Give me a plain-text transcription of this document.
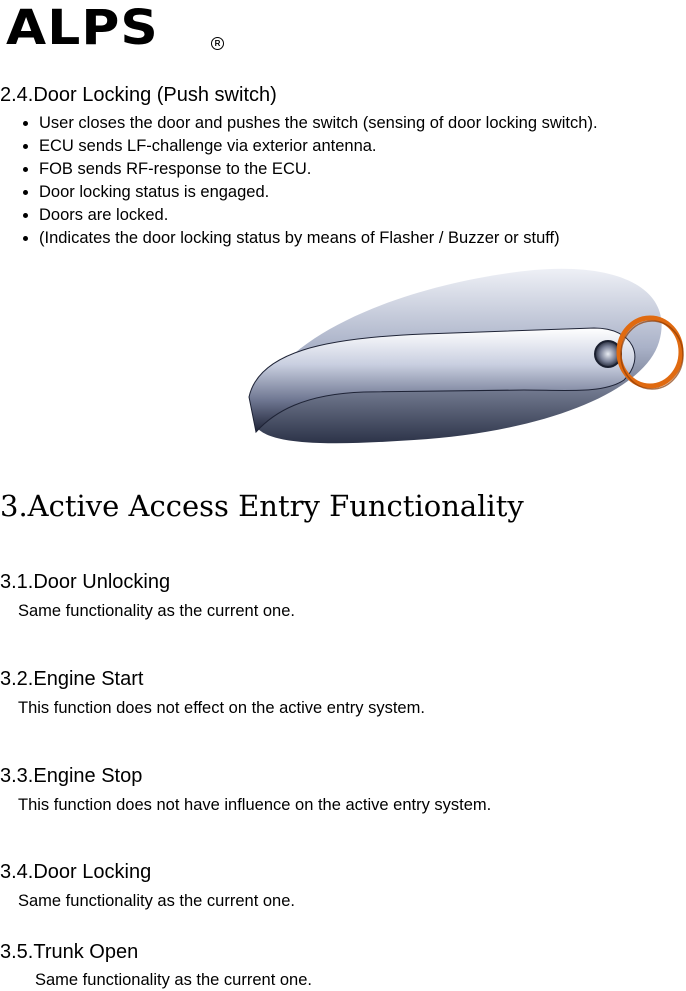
ALPS	R
2.4.Door Locking (Push switch)
User closes the door and pushes the switch (sensing of door locking switch).
ECU sends LF-challenge via exterior antenna.
FOB sends RF-response to the ECU.
Door locking status is engaged.
Doors are locked.
(Indicates the door locking status by means of Flasher / Buzzer or stuff)
3.Active Access Entry Functionality
3.1.Door Unlocking
Same functionality as the current one.
3.2.Engine Start
This function does not effect on the active entry system.
3.3.Engine Stop
This function does not have influence on the active entry system.
3.4.Door Locking
Same functionality as the current one.
3.5.Trunk Open
Same functionality as the current one.
